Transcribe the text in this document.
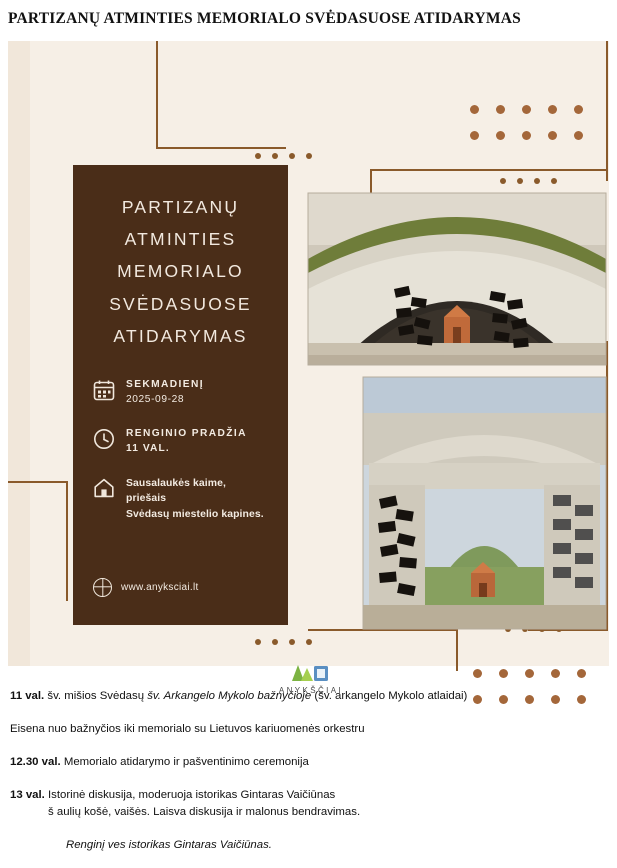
PARTIZANŲ ATMINTIES MEMORIALO SVĖDASUOSE ATIDARYMAS
PARTIZANŲ
ATMINTIES
MEMORIALO
SVĖDASUOSE
ATIDARYMAS
SEKMADIENĮ
2025-09-28
RENGINIO PRADŽIA
11 VAL.
Sausalaukės kaime, priešais
Svėdasų miestelio kapines.
www.anyksciai.lt
ANYKŠČIAI
11 val. šv. mišios Svėdasų šv. Arkangelo Mykolo bažnyčioje (šv. arkangelo Mykolo atlaidai)
Eisena nuo bažnyčios iki memorialo su Lietuvos kariuomenės orkestru
12.30 val. Memorialo atidarymo ir pašventinimo ceremonija
13 val. Istorinė diskusija, moderuoja istorikas Gintaras Vaičiūnas
š aulių košė, vaišės. Laisva diskusija ir malonus bendravimas.
Renginį ves istorikas Gintaras Vaičiūnas.
